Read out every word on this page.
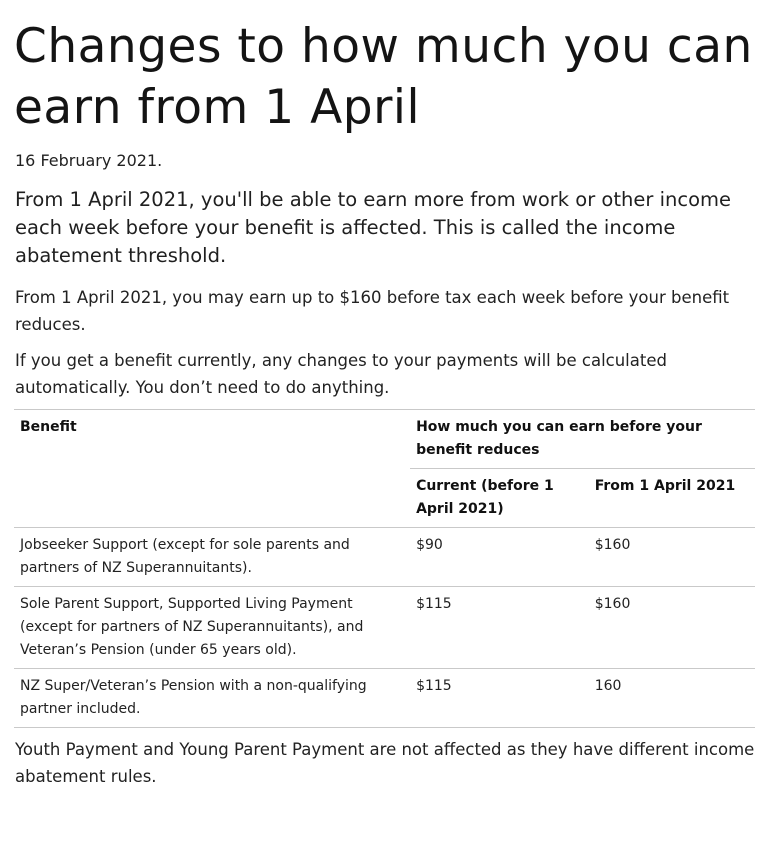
Changes to how much you can earn from 1 April

16 February 2021.

From 1 April 2021, you'll be able to earn more from work or other income each week before your benefit is affected. This is called the income abatement threshold.

From 1 April 2021, you may earn up to $160 before tax each week before your benefit reduces.

If you get a benefit currently, any changes to your payments will be calculated automatically. You don’t need to do anything.

Benefit	How much you can earn before your benefit reduces	
	Current (before 1 April 2021)	From 1 April 2021
Jobseeker Support (except for sole parents and partners of NZ Superannuitants).	$90	$160
Sole Parent Support, Supported Living Payment (except for partners of NZ Superannuitants), and Veteran’s Pension (under 65 years old).	$115	$160
NZ Super/Veteran’s Pension with a non-qualifying partner included.	$115	160

Youth Payment and Young Parent Payment are not affected as they have different income abatement rules.
